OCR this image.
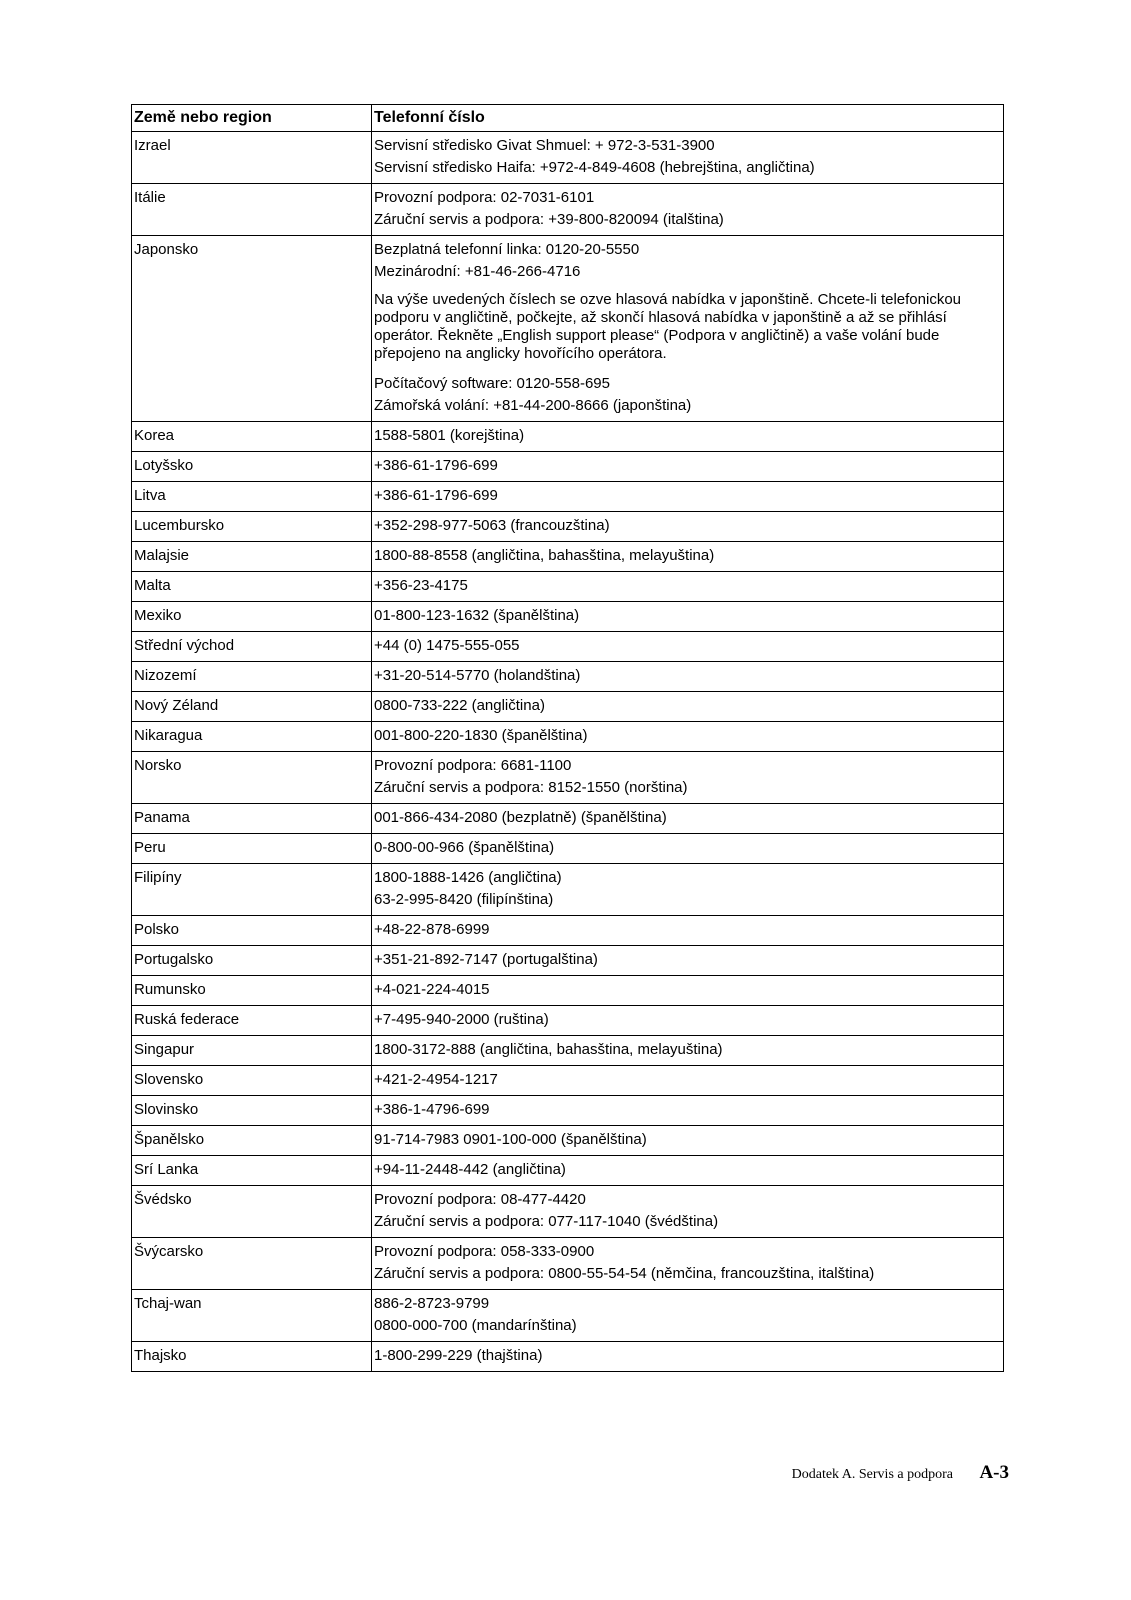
Země nebo region	Telefonní číslo
Izrael	Servisní středisko Givat Shmuel: + 972-3-531-3900
Servisní středisko Haifa: +972-4-849-4608 (hebrejština, angličtina)

Itálie	Provozní podpora: 02-7031-6101
Záruční servis a podpora: +39-800-820094 (italština)

Japonsko	Bezplatná telefonní linka: 0120-20-5550
Mezinárodní: +81-46-266-4716
Na výše uvedených číslech se ozve hlasová nabídka v japonštině. Chcete-li telefonickou podporu v angličtině, počkejte, až skončí hlasová nabídka v japonštině a až se přihlásí operátor. Řekněte „English support please“ (Podpora v angličtině) a vaše volání bude přepojeno na anglicky hovořícího operátora.
Počítačový software: 0120-558-695
Zámořská volání: +81-44-200-8666 (japonština)

Korea	1588-5801 (korejština)

Lotyšsko	+386-61-1796-699

Litva	+386-61-1796-699

Lucembursko	+352-298-977-5063 (francouzština)

Malajsie	1800-88-8558 (angličtina, bahasština, melayuština)

Malta	+356-23-4175

Mexiko	01-800-123-1632 (španělština)

Střední východ	+44 (0) 1475-555-055

Nizozemí	+31-20-514-5770 (holandština)

Nový Zéland	0800-733-222 (angličtina)

Nikaragua	001-800-220-1830 (španělština)

Norsko	Provozní podpora: 6681-1100
Záruční servis a podpora: 8152-1550 (norština)

Panama	001-866-434-2080 (bezplatně) (španělština)

Peru	0-800-00-966 (španělština)

Filipíny	1800-1888-1426 (angličtina)
63-2-995-8420 (filipínština)

Polsko	+48-22-878-6999

Portugalsko	+351-21-892-7147 (portugalština)

Rumunsko	+4-021-224-4015

Ruská federace	+7-495-940-2000 (ruština)

Singapur	1800-3172-888 (angličtina, bahasština, melayuština)

Slovensko	+421-2-4954-1217

Slovinsko	+386-1-4796-699

Španělsko	91-714-7983 0901-100-000 (španělština)

Srí Lanka	+94-11-2448-442 (angličtina)

Švédsko	Provozní podpora: 08-477-4420
Záruční servis a podpora: 077-117-1040 (švédština)

Švýcarsko	Provozní podpora: 058-333-0900
Záruční servis a podpora: 0800-55-54-54 (němčina, francouzština, italština)

Tchaj-wan	886-2-8723-9799
0800-000-700 (mandarínština)

Thajsko	1-800-299-229 (thajština)
Dodatek A. Servis a podpora A-3
